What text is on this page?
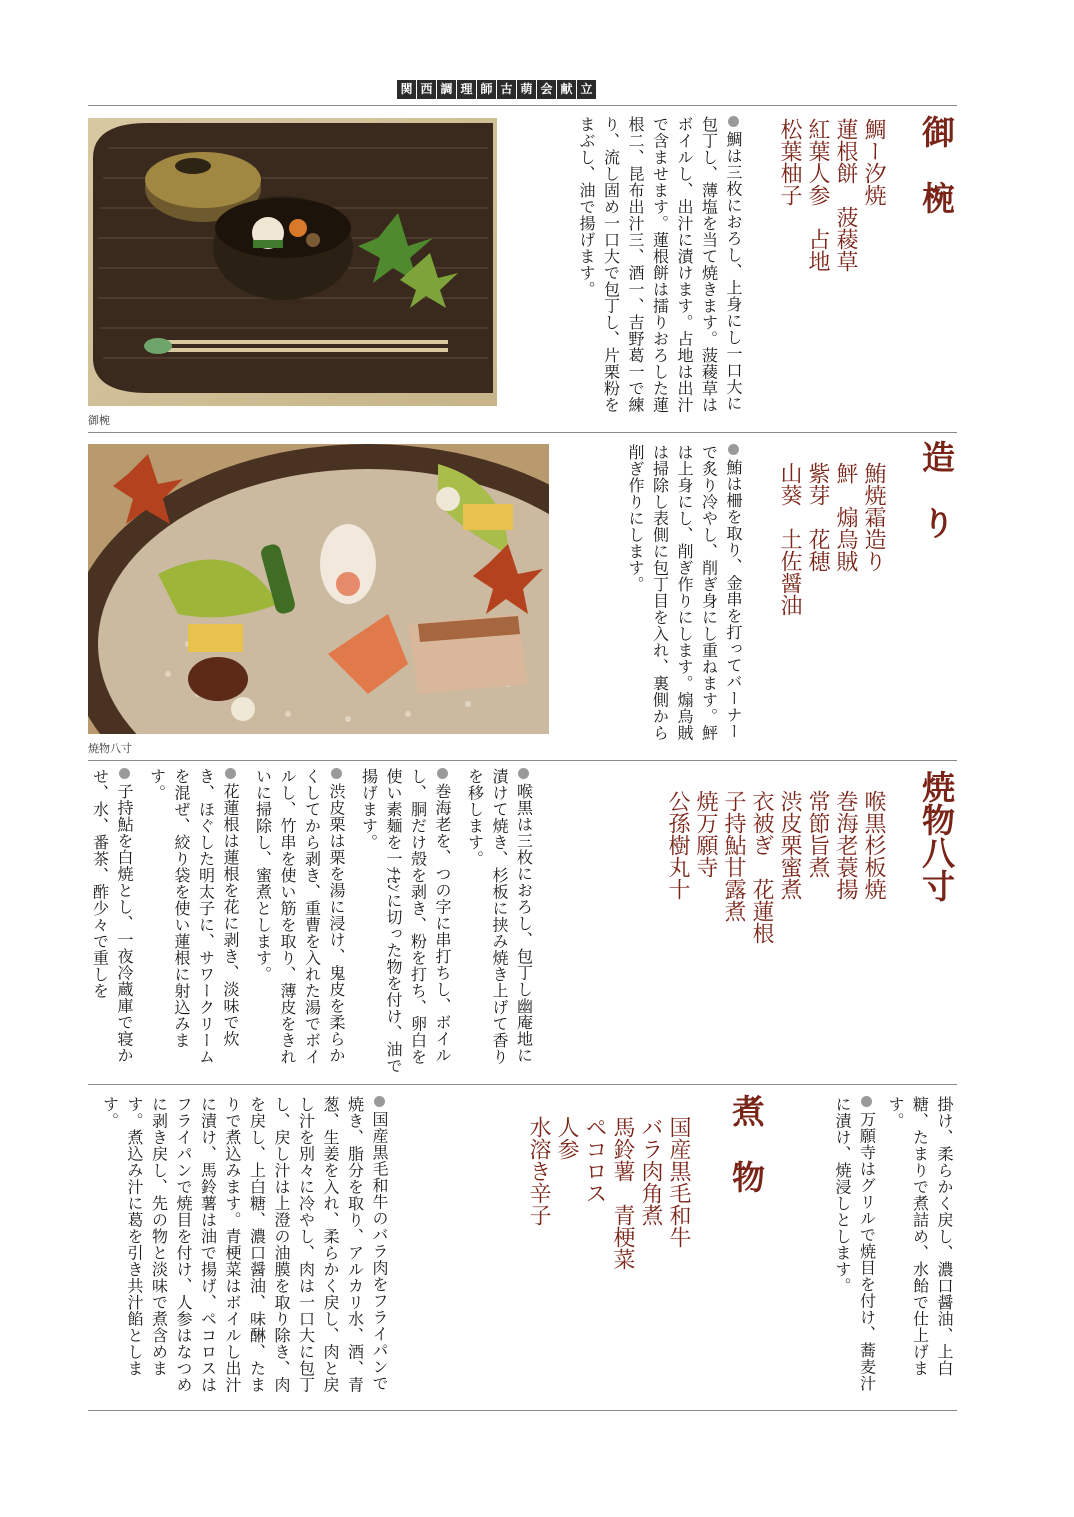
関 西 調 理 師 古 萌 会 献 立
御椀
御　椀
鯛ー汐焼
蓮根餅　菠薐草
紅葉人参　占地
松葉柚子
鯛は三枚におろし、上身にし一口大に包丁し、薄塩を当て焼きます。菠薐草はボイルし、出汁に漬けます。占地は出汁で含ませます。蓮根餅は擂りおろした蓮根二、昆布出汁三、酒一、吉野葛一で練り、流し固め一口大で包丁し、片栗粉をまぶし、油で揚げます。
焼物八寸
造　り
鮪焼霜造り
鮃　煽烏賊
紫芽　花穂
山葵　土佐醤油
鮪は柵を取り、金串を打ってバーナーで炙り冷やし、削ぎ身にし重ねます。鮃は上身にし、削ぎ作りにします。煽烏賊は掃除し表側に包丁目を入れ、裏側から削ぎ作りにします。
焼物八寸
喉黒杉板焼
巻海老蓑揚
常節旨煮
渋皮栗蜜煮
衣被ぎ　花蓮根
子持鮎甘露煮
焼万願寺
公孫樹丸十
喉黒は三枚におろし、包丁し幽庵地に漬けて焼き、杉板に挟み焼き上げて香りを移します。
巻海老を、つの字に串打ちし、ボイルし、胴だけ殻を剥き、粉を打ち、卵白を使い素麺を一ﾁｾﾝに切った物を付け、油で揚げます。
渋皮栗は栗を湯に浸け、鬼皮を柔らかくしてから剥き、重曹を入れた湯でボイルし、竹串を使い筋を取り、薄皮をきれいに掃除し、蜜煮とします。
花蓮根は蓮根を花に剥き、淡味で炊き、ほぐした明太子に、サワークリームを混ぜ、絞り袋を使い蓮根に射込みます。
子持鮎を白焼とし、一夜冷蔵庫で寝かせ、水、番茶、酢少々で重しを
掛け、柔らかく戻し、濃口醤油、上白糖、たまりで煮詰め、水飴で仕上げます。
万願寺はグリルで焼目を付け、蕎麦汁に漬け、焼浸しとします。
煮　物
国産黒毛和牛
バラ肉角煮
馬鈴薯　青梗菜
ペコロス
人参
水溶き辛子
国産黒毛和牛のバラ肉をフライパンで焼き、脂分を取り、アルカリ水、酒、青葱、生姜を入れ、柔らかく戻し、肉と戻し汁を別々に冷やし、肉は一口大に包丁し、戻し汁は上澄の油膜を取り除き、肉を戻し、上白糖、濃口醤油、味醂、たまりで煮込みます。青梗菜はボイルし出汁に漬け、馬鈴薯は油で揚げ、ペコロスはフライパンで焼目を付け、人参はなつめに剥き戻し、先の物と淡味で煮含めます。煮込み汁に葛を引き共汁餡とします。
